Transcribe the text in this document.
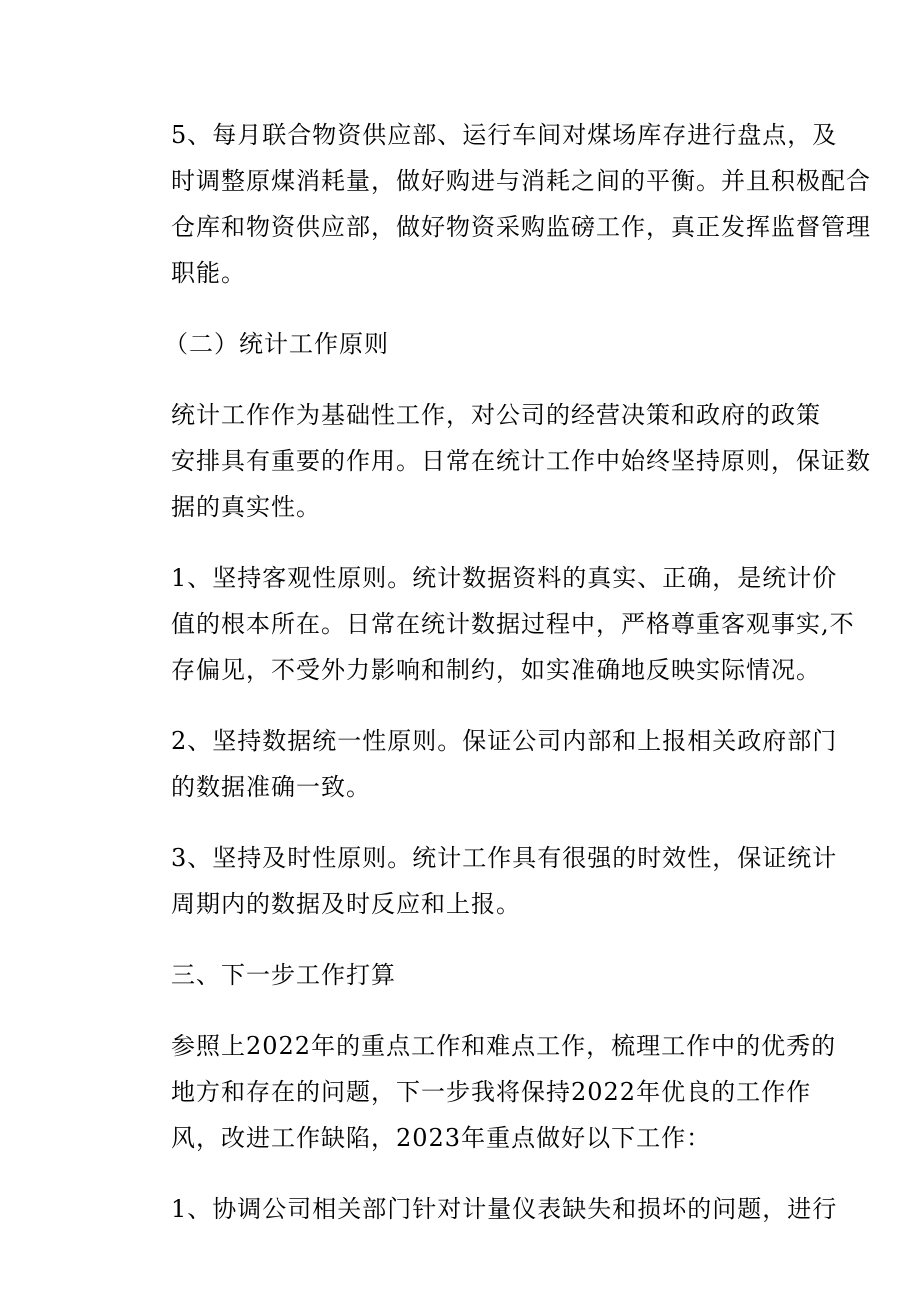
5、每月联合物资供应部、运行车间对煤场库存进行盘点，及
时调整原煤消耗量，做好购进与消耗之间的平衡。并且积极配合
仓库和物资供应部，做好物资采购监磅工作，真正发挥监督管理
职能。

（二）统计工作原则

统计工作作为基础性工作，对公司的经营决策和政府的政策
安排具有重要的作用。日常在统计工作中始终坚持原则，保证数
据的真实性。

1、坚持客观性原则。统计数据资料的真实、正确，是统计价
值的根本所在。日常在统计数据过程中，严格尊重客观事实,不
存偏见，不受外力影响和制约，如实准确地反映实际情况。

2、坚持数据统一性原则。保证公司内部和上报相关政府部门
的数据准确一致。

3、坚持及时性原则。统计工作具有很强的时效性，保证统计
周期内的数据及时反应和上报。

三、下一步工作打算

参照上2022年的重点工作和难点工作，梳理工作中的优秀的
地方和存在的问题，下一步我将保持2022年优良的工作作
风，改进工作缺陷，2023年重点做好以下工作：

1、协调公司相关部门针对计量仪表缺失和损坏的问题，进行
